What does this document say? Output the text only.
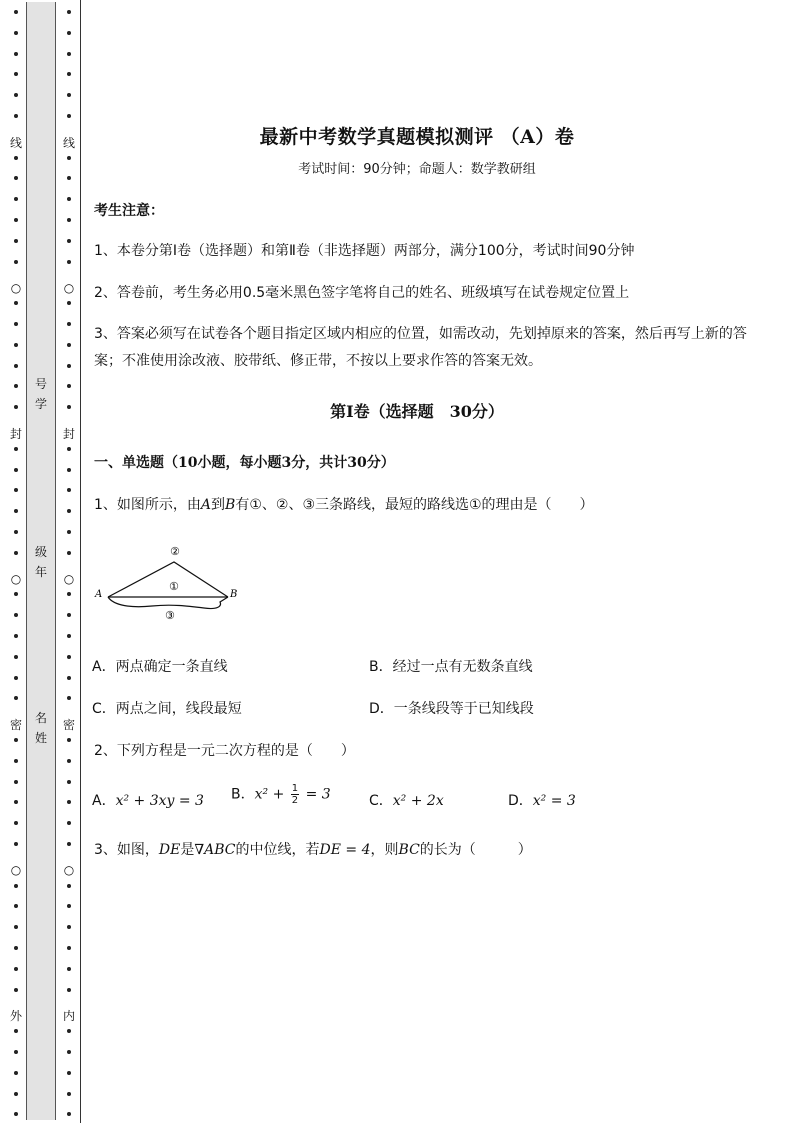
线
○
封
○
密
○
外
号
学
级
年
名
姓
线
○
封
○
密
○
内
最新中考数学真题模拟测评 （A）卷
考试时间：90分钟；命题人：数学教研组
考生注意：
1、本卷分第I卷（选择题）和第Ⅱ卷（非选择题）两部分，满分100分，考试时间90分钟
2、答卷前，考生务必用0.5毫米黑色签字笔将自己的姓名、班级填写在试卷规定位置上
3、答案必须写在试卷各个题目指定区域内相应的位置，如需改动，先划掉原来的答案，然后再写上新的答案；不准使用涂改液、胶带纸、修正带，不按以上要求作答的答案无效。
第I卷（选择题　30分）
一、单选题（10小题，每小题3分，共计30分）
1、如图所示，由A到B有①、②、③三条路线，最短的路线选①的理由是（　　）
A	B
①
②
③
A．两点确定一条直线	B．经过一点有无数条直线
C．两点之间，线段最短	D．一条线段等于已知线段
2、下列方程是一元二次方程的是（　　）
A．x² + 3xy = 3 B．$x^2 + \frac{1}{2} = 3$	C．x² + 2x	D．x² = 3
3、如图，DE是∇ABC的中位线，若DE = 4，则BC的长为（　　　）
